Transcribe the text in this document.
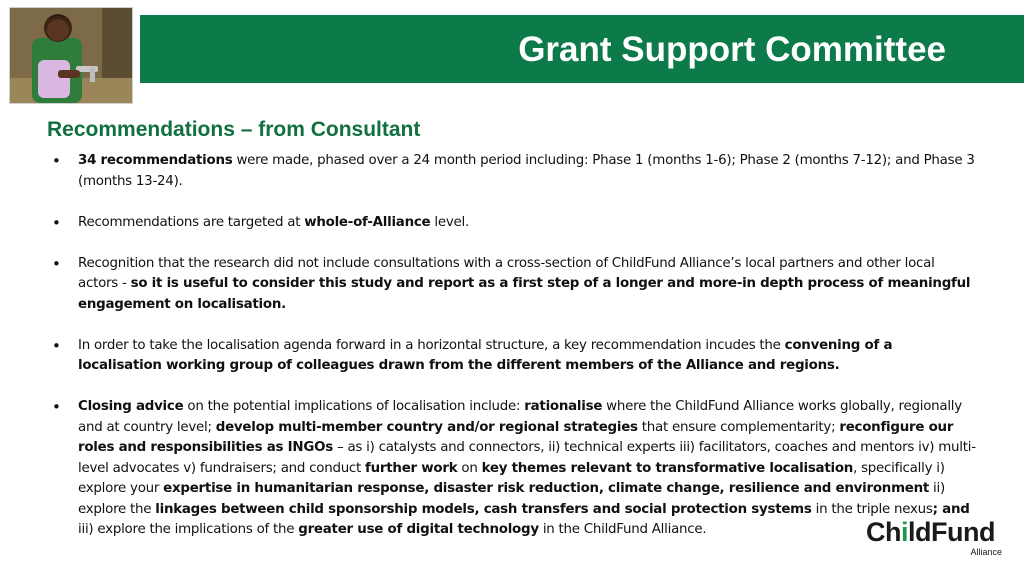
Grant Support Committee
Recommendations – from Consultant
• 34 recommendations were made, phased over a 24 month period including: Phase 1 (months 1-6); Phase 2 (months 7-12); and Phase 3 (months 13-24).
• Recommendations are targeted at whole-of-Alliance level.
• Recognition that the research did not include consultations with a cross-section of ChildFund Alliance’s local partners and other local actors - so it is useful to consider this study and report as a first step of a longer and more-in depth process of meaningful engagement on localisation.
• In order to take the localisation agenda forward in a horizontal structure, a key recommendation incudes the convening of a localisation working group of colleagues drawn from the different members of the Alliance and regions.
• Closing advice on the potential implications of localisation include: rationalise where the ChildFund Alliance works globally, regionally and at country level; develop multi-member country and/or regional strategies that ensure complementarity; reconfigure our roles and responsibilities as INGOs – as i) catalysts and connectors, ii) technical experts iii) facilitators, coaches and mentors iv) multi-level advocates v) fundraisers; and conduct further work on key themes relevant to transformative localisation, specifically i) explore your expertise in humanitarian response, disaster risk reduction, climate change, resilience and environment ii) explore the linkages between child sponsorship models, cash transfers and social protection systems in the triple nexus; and iii) explore the implications of the greater use of digital technology in the ChildFund Alliance.	ChildFund
Alliance
